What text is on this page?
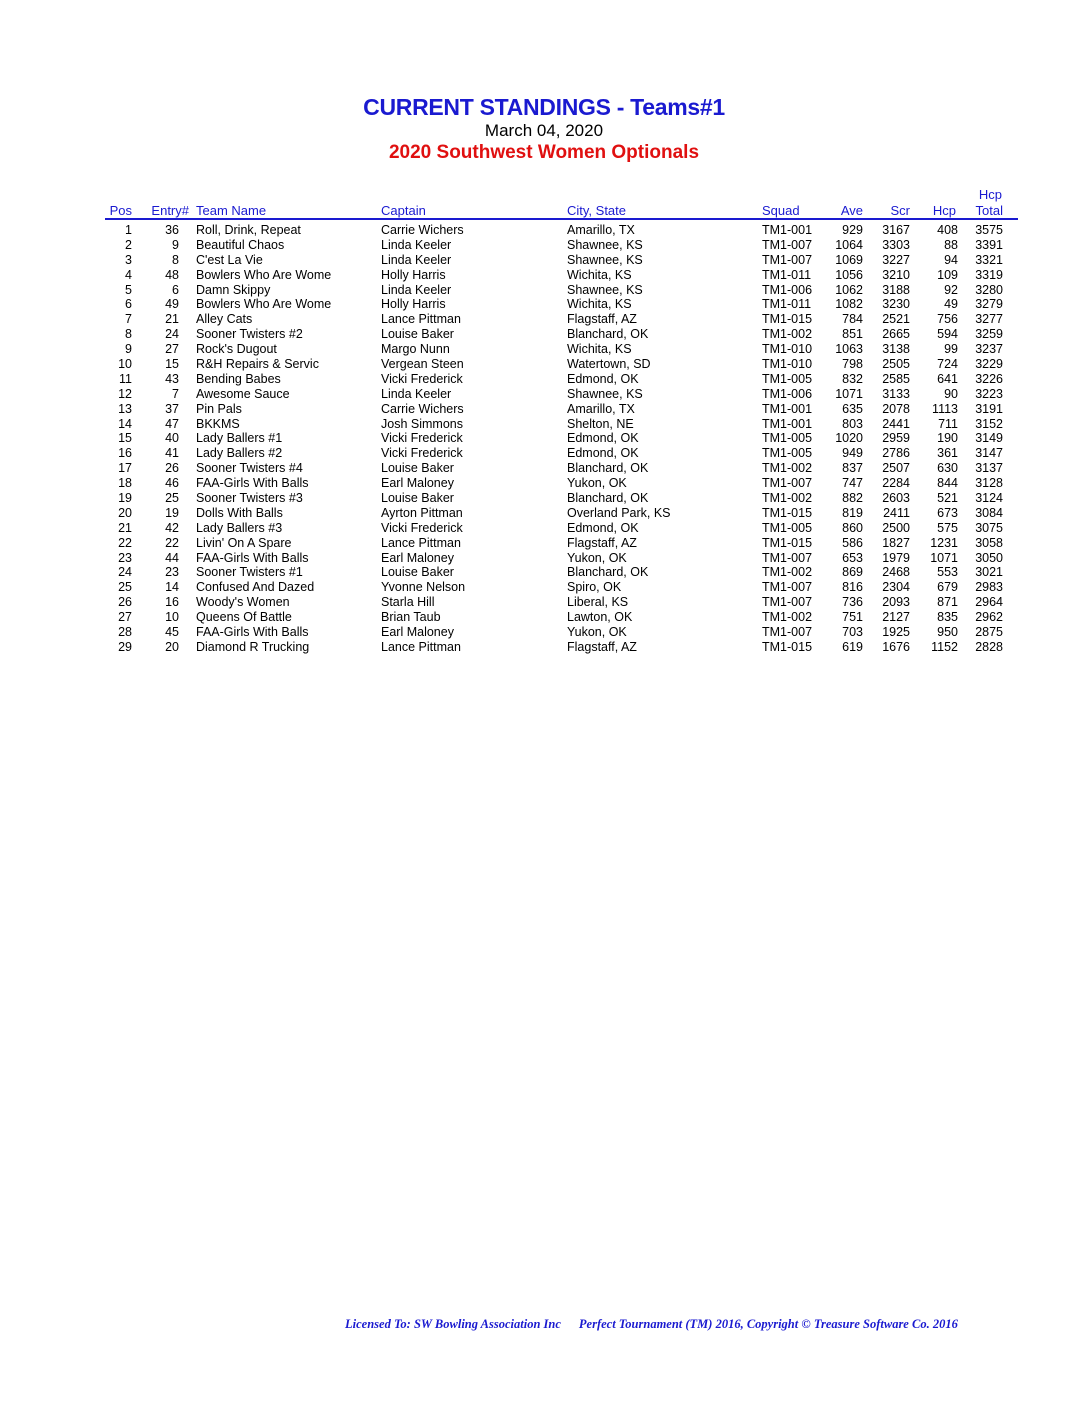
CURRENT STANDINGS - Teams#1
March 04, 2020
2020 Southwest Women Optionals
Pos	Entry# Team Name	Captain	City, State	Squad	Ave	Scr	Hcp
Hcp
Total
1	36 Roll, Drink, Repeat	Carrie Wichers	Amarillo, TX	TM1-001	929	3167	408	3575
2	9 Beautiful Chaos	Linda Keeler	Shawnee, KS	TM1-007	1064	3303	88	3391
3	8 C'est La Vie	Linda Keeler	Shawnee, KS	TM1-007	1069	3227	94	3321
4	48 Bowlers Who Are Wome	Holly Harris	Wichita, KS	TM1-011	1056	3210	109	3319
5	6 Damn Skippy	Linda Keeler	Shawnee, KS	TM1-006	1062	3188	92	3280
6	49 Bowlers Who Are Wome	Holly Harris	Wichita, KS	TM1-011	1082	3230	49	3279
7	21 Alley Cats	Lance Pittman	Flagstaff, AZ	TM1-015	784	2521	756	3277
8	24 Sooner Twisters #2	Louise Baker	Blanchard, OK	TM1-002	851	2665	594	3259
9	27 Rock's Dugout	Margo Nunn	Wichita, KS	TM1-010	1063	3138	99	3237
10	15 R&H Repairs & Servic	Vergean Steen	Watertown, SD	TM1-010	798	2505	724	3229
11	43 Bending Babes	Vicki Frederick	Edmond, OK	TM1-005	832	2585	641	3226
12	7 Awesome Sauce	Linda Keeler	Shawnee, KS	TM1-006	1071	3133	90	3223
13	37 Pin Pals	Carrie Wichers	Amarillo, TX	TM1-001	635	2078	1113	3191
14	47 BKKMS	Josh Simmons	Shelton, NE	TM1-001	803	2441	711	3152
15	40 Lady Ballers #1	Vicki Frederick	Edmond, OK	TM1-005	1020	2959	190	3149
16	41 Lady Ballers #2	Vicki Frederick	Edmond, OK	TM1-005	949	2786	361	3147
17	26 Sooner Twisters #4	Louise Baker	Blanchard, OK	TM1-002	837	2507	630	3137
18	46 FAA-Girls With Balls	Earl Maloney	Yukon, OK	TM1-007	747	2284	844	3128
19	25 Sooner Twisters #3	Louise Baker	Blanchard, OK	TM1-002	882	2603	521	3124
20	19 Dolls With Balls	Ayrton Pittman	Overland Park, KS	TM1-015	819	2411	673	3084
21	42 Lady Ballers #3	Vicki Frederick	Edmond, OK	TM1-005	860	2500	575	3075
22	22 Livin' On A Spare	Lance Pittman	Flagstaff, AZ	TM1-015	586	1827	1231	3058
23	44 FAA-Girls With Balls	Earl Maloney	Yukon, OK	TM1-007	653	1979	1071	3050
24	23 Sooner Twisters #1	Louise Baker	Blanchard, OK	TM1-002	869	2468	553	3021
25	14 Confused And Dazed	Yvonne Nelson	Spiro, OK	TM1-007	816	2304	679	2983
26	16 Woody's Women	Starla Hill	Liberal, KS	TM1-007	736	2093	871	2964
27	10 Queens Of Battle	Brian Taub	Lawton, OK	TM1-002	751	2127	835	2962
28	45 FAA-Girls With Balls	Earl Maloney	Yukon, OK	TM1-007	703	1925	950	2875
29	20 Diamond R Trucking	Lance Pittman	Flagstaff, AZ	TM1-015	619	1676	1152	2828
Licensed To: SW Bowling Association Inc Perfect Tournament (TM) 2016, Copyright © Treasure Software Co. 2016
